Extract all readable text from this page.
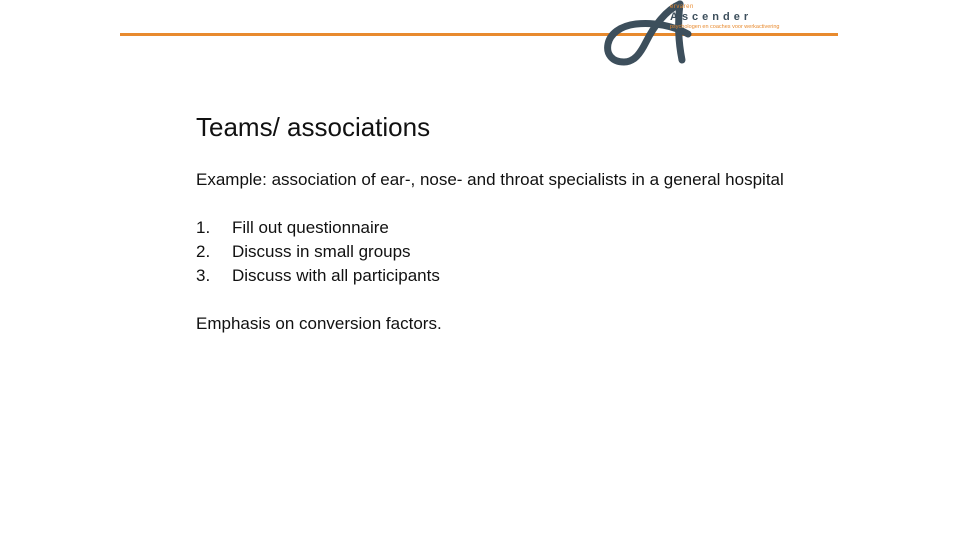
ervaren
Ascender
psychologen en coaches voor werkactivering
Teams/ associations

Example: association of ear-, nose- and throat specialists in a general hospital

1.	Fill out questionnaire
2.	Discuss in small groups
3.	Discuss with all participants

Emphasis on conversion factors.
